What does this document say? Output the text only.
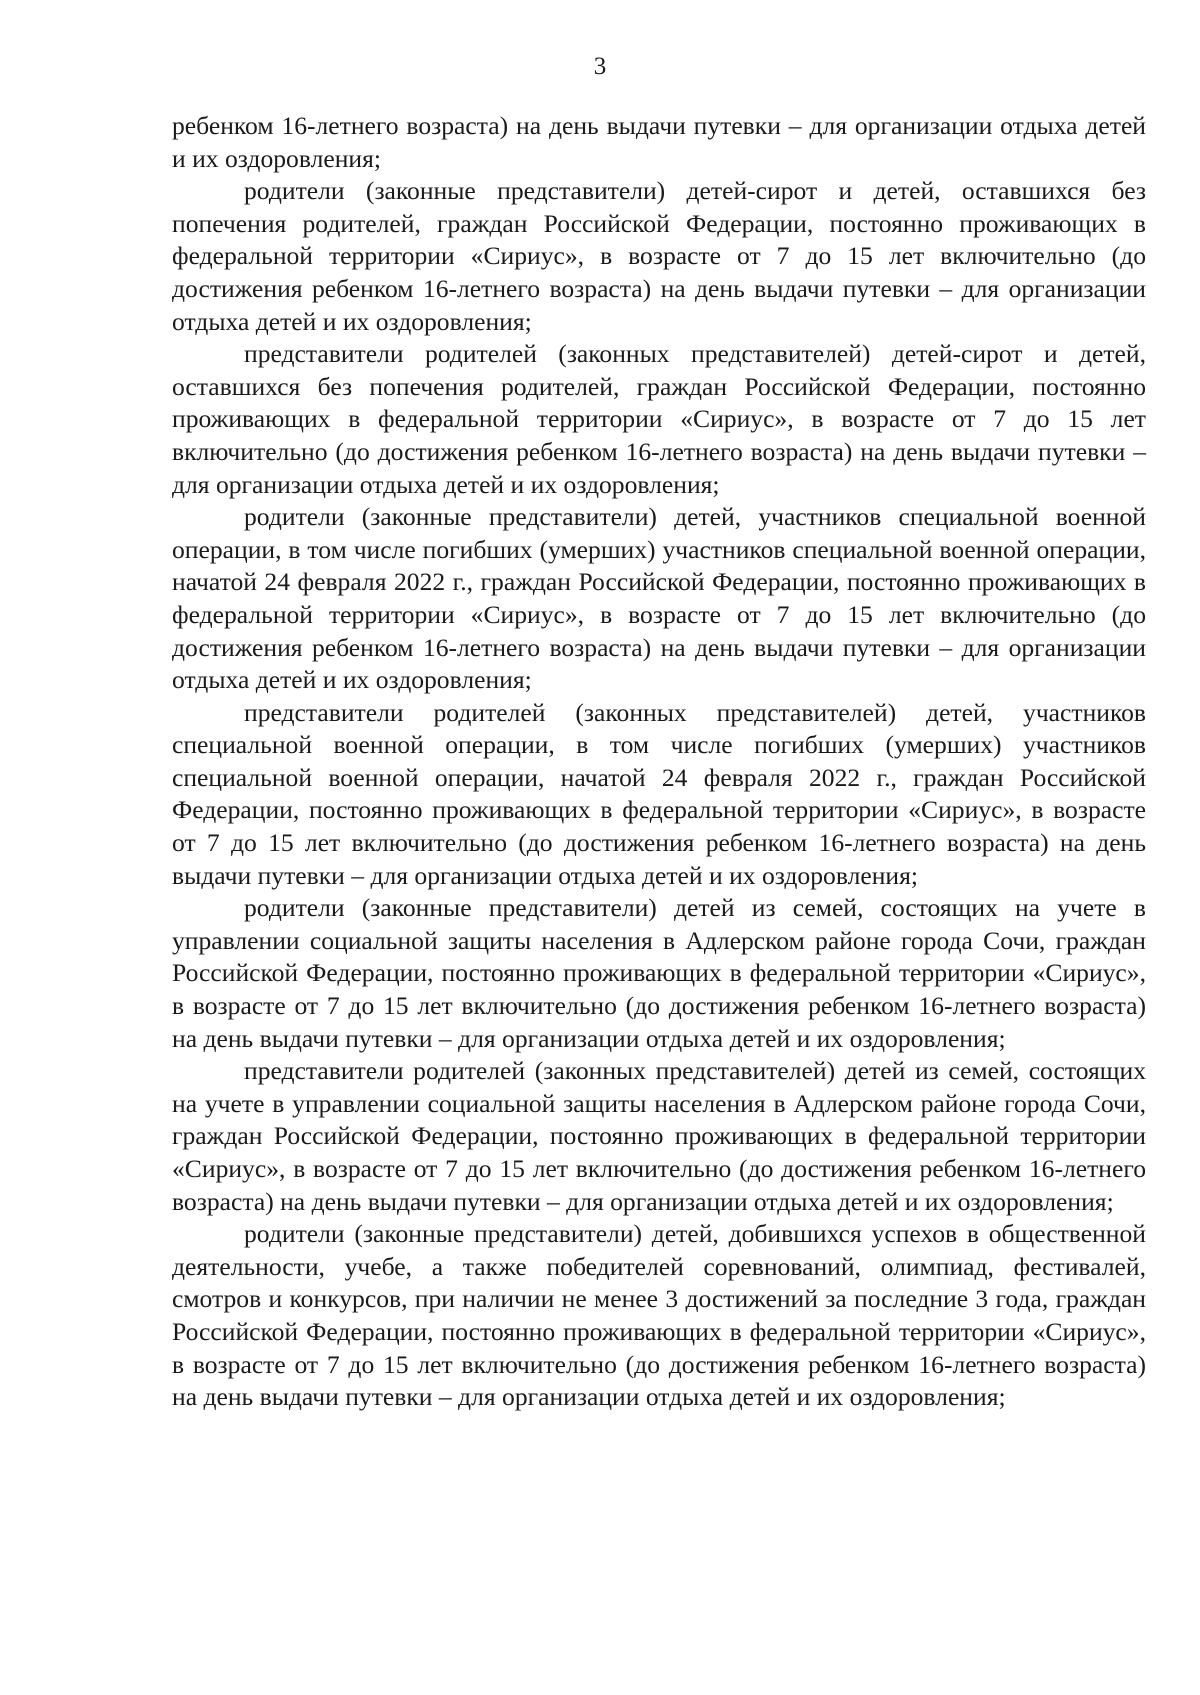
3

ребенком 16-летнего возраста) на день выдачи путевки – для организации отдыха детей и их оздоровления;

родители (законные представители) детей-сирот и детей, оставшихся без попечения родителей, граждан Российской Федерации, постоянно проживающих в федеральной территории «Сириус», в возрасте от 7 до 15 лет включительно (до достижения ребенком 16-летнего возраста) на день выдачи путевки – для организации отдыха детей и их оздоровления;

представители родителей (законных представителей) детей-сирот и детей, оставшихся без попечения родителей, граждан Российской Федерации, постоянно проживающих в федеральной территории «Сириус», в возрасте от 7 до 15 лет включительно (до достижения ребенком 16-летнего возраста) на день выдачи путевки – для организации отдыха детей и их оздоровления;

родители (законные представители) детей, участников специальной военной операции, в том числе погибших (умерших) участников специальной военной операции, начатой 24 февраля 2022 г., граждан Российской Федерации, постоянно проживающих в федеральной территории «Сириус», в возрасте от 7 до 15 лет включительно (до достижения ребенком 16-летнего возраста) на день выдачи путевки – для организации отдыха детей и их оздоровления;

представители родителей (законных представителей) детей, участников специальной военной операции, в том числе погибших (умерших) участников специальной военной операции, начатой 24 февраля 2022 г., граждан Российской Федерации, постоянно проживающих в федеральной территории «Сириус», в возрасте от 7 до 15 лет включительно (до достижения ребенком 16-летнего возраста) на день выдачи путевки – для организации отдыха детей и их оздоровления;

родители (законные представители) детей из семей, состоящих на учете в управлении социальной защиты населения в Адлерском районе города Сочи, граждан Российской Федерации, постоянно проживающих в федеральной территории «Сириус», в возрасте от 7 до 15 лет включительно (до достижения ребенком 16-летнего возраста) на день выдачи путевки – для организации отдыха детей и их оздоровления;

представители родителей (законных представителей) детей из семей, состоящих на учете в управлении социальной защиты населения в Адлерском районе города Сочи, граждан Российской Федерации, постоянно проживающих в федеральной территории «Сириус», в возрасте от 7 до 15 лет включительно (до достижения ребенком 16-летнего возраста) на день выдачи путевки – для организации отдыха детей и их оздоровления;

родители (законные представители) детей, добившихся успехов в общественной деятельности, учебе, а также победителей соревнований, олимпиад, фестивалей, смотров и конкурсов, при наличии не менее 3 достижений за последние 3 года, граждан Российской Федерации, постоянно проживающих в федеральной территории «Сириус», в возрасте от 7 до 15 лет включительно (до достижения ребенком 16-летнего возраста) на день выдачи путевки – для организации отдыха детей и их оздоровления;
